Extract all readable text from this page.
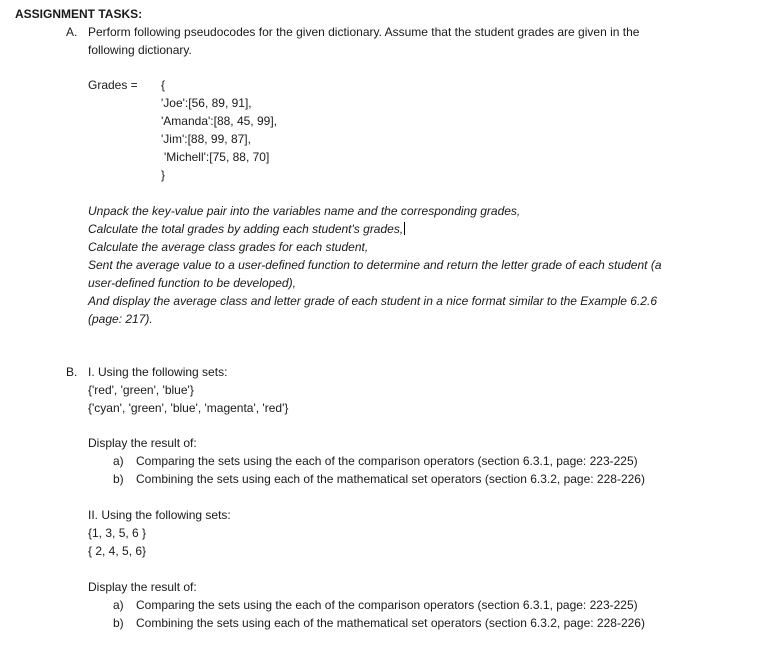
ASSIGNMENT TASKS:
A. Perform following pseudocodes for the given dictionary. Assume that the student grades are given in the
following dictionary.
Grades = {
'Joe':[56, 89, 91],
'Amanda':[88, 45, 99],
'Jim':[88, 99, 87],
'Michell':[75, 88, 70]
}
Unpack the key-value pair into the variables name and the corresponding grades,
Calculate the total grades by adding each student's grades,
Calculate the average class grades for each student,
Sent the average value to a user-defined function to determine and return the letter grade of each student (a
user-defined function to be developed),
And display the average class and letter grade of each student in a nice format similar to the Example 6.2.6
(page: 217).
B. I. Using the following sets:
{'red', 'green', 'blue'}
{'cyan', 'green', 'blue', 'magenta', 'red'}
Display the result of:
a) Comparing the sets using the each of the comparison operators (section 6.3.1, page: 223-225)
b) Combining the sets using each of the mathematical set operators (section 6.3.2, page: 228-226)
II. Using the following sets:
{1, 3, 5, 6 }
{ 2, 4, 5, 6}
Display the result of:
a) Comparing the sets using the each of the comparison operators (section 6.3.1, page: 223-225)
b) Combining the sets using each of the mathematical set operators (section 6.3.2, page: 228-226)
